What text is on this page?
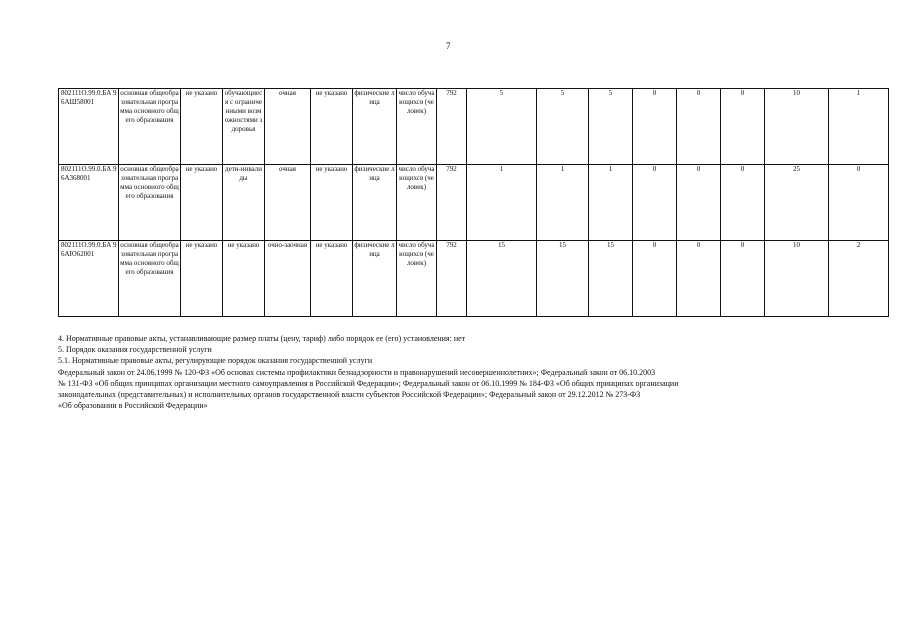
7
802111О.99.0.БА 96АШ58001	основная общеобразовательная программа основного общего образования	не указано	обучающиеся с ограниченными возможностями здоровья	очная	не указано	физические лица	число обучающихся (человек)	792	5	5	5	0	0	0	10	1
802111О.99.0.БА 96А368001	основная общеобразовательная программа основного общего образования	не указано	дети-инвалиды	очная	не указано	физические лица	число обучающихся (человек)	792	1	1	1	0	0	0	25	0
802111О.99.0.БА 96АЮ62001	основная общеобразовательная программа основного общего образования	не указано	не указано	очно-заочная	не указано	физические лица	число обучающихся (человек)	792	15	15	15	0	0	0	10	2

4. Нормативные правовые акты, устанавливающие размер платы (цену, тариф) либо порядок ее (его) установления: нет

5. Порядок оказания государственной услуги

5.1. Нормативные правовые акты, регулирующие порядок оказания государственной услуги

Федеральный закон от 24.06.1999 № 120-ФЗ «Об основах системы профилактики безнадзорности и правонарушений несовершеннолетних»; Федеральный закон от 06.10.2003

№ 131-ФЗ «Об общих принципах организации местного самоуправления в Российской Федерации»; Федеральный закон от 06.10.1999 № 184-ФЗ «Об общих принципах организации

законодательных (представительных) и исполнительных органов государственной власти субъектов Российской Федерации»; Федеральный закон от 29.12.2012 № 273-ФЗ

«Об образовании в Российской Федерации»
